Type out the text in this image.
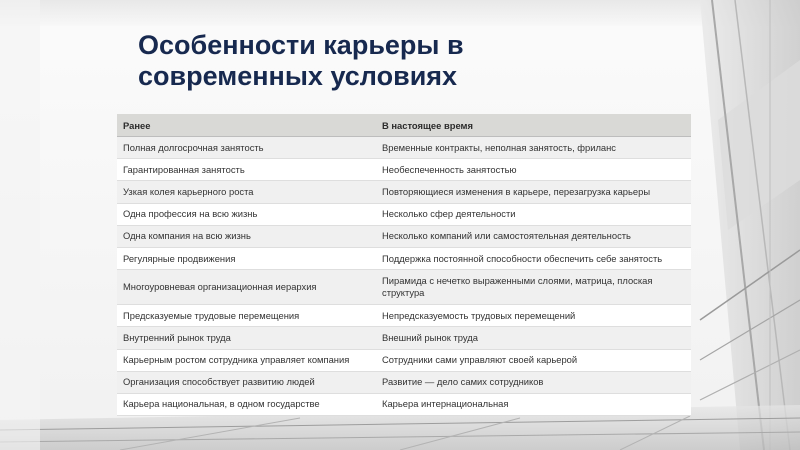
Особенности карьеры в
современных условиях
Ранее	В настоящее время
Полная долгосрочная занятость	Временные контракты, неполная занятость, фриланс
Гарантированная занятость	Необеспеченность занятостью
Узкая колея карьерного роста	Повторяющиеся изменения в карьере, перезагрузка карьеры
Одна профессия на всю жизнь	Несколько сфер деятельности
Одна компания на всю жизнь	Несколько компаний или самостоятельная деятельность
Регулярные продвижения	Поддержка постоянной способности обеспечить себе занятость
Многоуровневая организационная иерархия	Пирамида с нечетко выраженными слоями, матрица, плоская структура
Предсказуемые трудовые перемещения	Непредсказуемость трудовых перемещений
Внутренний рынок труда	Внешний рынок труда
Карьерным ростом сотрудника управляет компания	Сотрудники сами управляют своей карьерой
Организация способствует развитию людей	Развитие — дело самих сотрудников
Карьера национальная, в одном государстве	Карьера интернациональная
